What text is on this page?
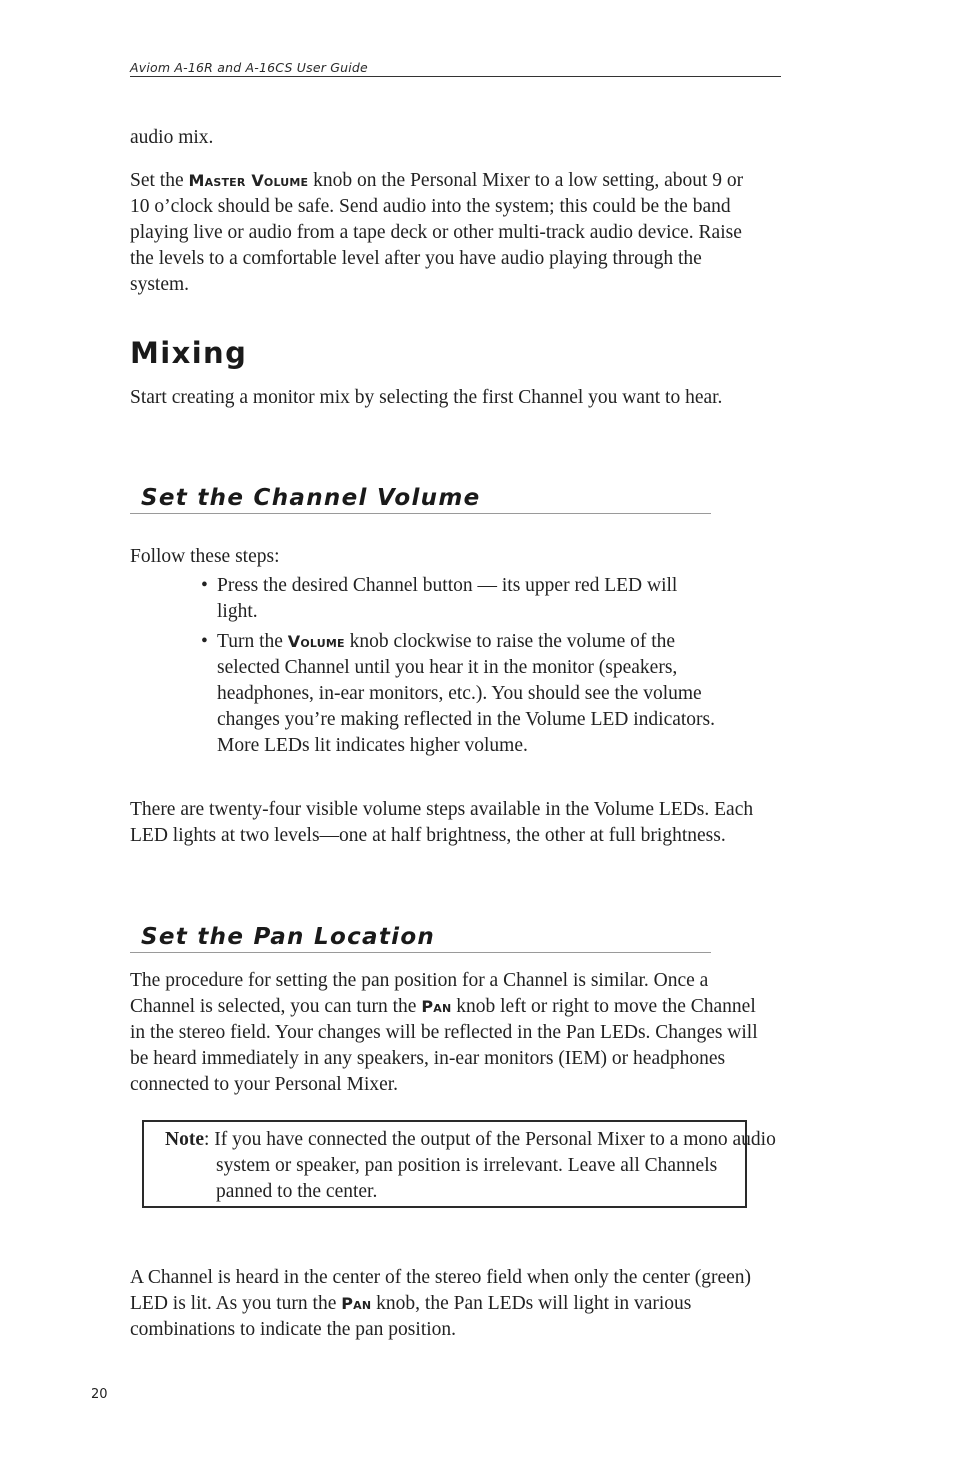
Aviom A-16R and A-16CS User Guide

audio mix.

Set the Master Volume knob on the Personal Mixer to a low setting, about 9 or 10 o’clock should be safe. Send audio into the system; this could be the band playing live or audio from a tape deck or other multi-track audio device. Raise the levels to a comfortable level after you have audio playing through the system.

Mixing

Start creating a monitor mix by selecting the first Channel you want to hear.

Set the Channel Volume

Follow these steps:

• Press the desired Channel button — its upper red LED will light.
• Turn the Volume knob clockwise to raise the volume of the selected Channel until you hear it in the monitor (speakers, headphones, in-ear monitors, etc.). You should see the volume changes you’re making reflected in the Volume LED indicators. More LEDs lit indicates higher volume.

There are twenty-four visible volume steps available in the Volume LEDs. Each LED lights at two levels—one at half brightness, the other at full brightness.

Set the Pan Location

The procedure for setting the pan position for a Channel is similar. Once a Channel is selected, you can turn the Pan knob left or right to move the Channel in the stereo field. Your changes will be reflected in the Pan LEDs. Changes will be heard immediately in any speakers, in-ear monitors (IEM) or headphones connected to your Personal Mixer.

Note: If you have connected the output of the Personal Mixer to a mono audio system or speaker, pan position is irrelevant. Leave all Channels panned to the center.

A Channel is heard in the center of the stereo field when only the center (green) LED is lit. As you turn the Pan knob, the Pan LEDs will light in various combinations to indicate the pan position.

20
